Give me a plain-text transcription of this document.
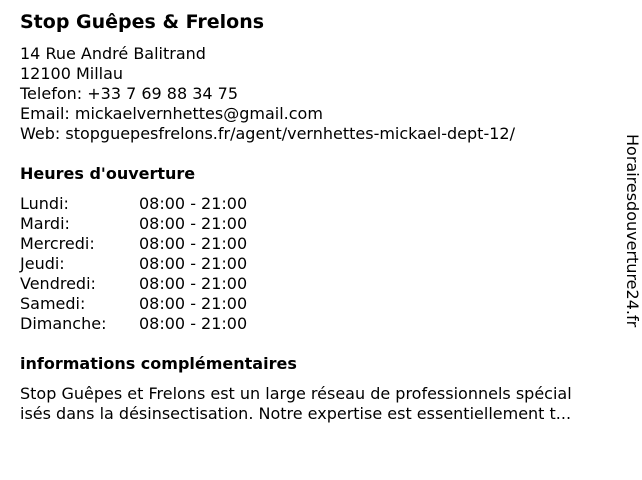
Stop Guêpes & Frelons
14 Rue André Balitrand
12100 Millau
Telefon: +33 7 69 88 34 75
Email: mickaelvernhettes@gmail.com
Web: stopguepesfrelons.fr/agent/vernhettes-mickael-dept-12/
Heures d'ouverture
Lundi:	08:00 - 21:00
Mardi:	08:00 - 21:00
Mercredi:	08:00 - 21:00
Jeudi:	08:00 - 21:00
Vendredi:	08:00 - 21:00
Samedi:	08:00 - 21:00
Dimanche: 08:00 - 21:00
informations complémentaires
Stop Guêpes et Frelons est un large réseau de professionnels spécial
isés dans la désinsectisation. Notre expertise est essentiellement t...
Horairesdouverture24.fr
